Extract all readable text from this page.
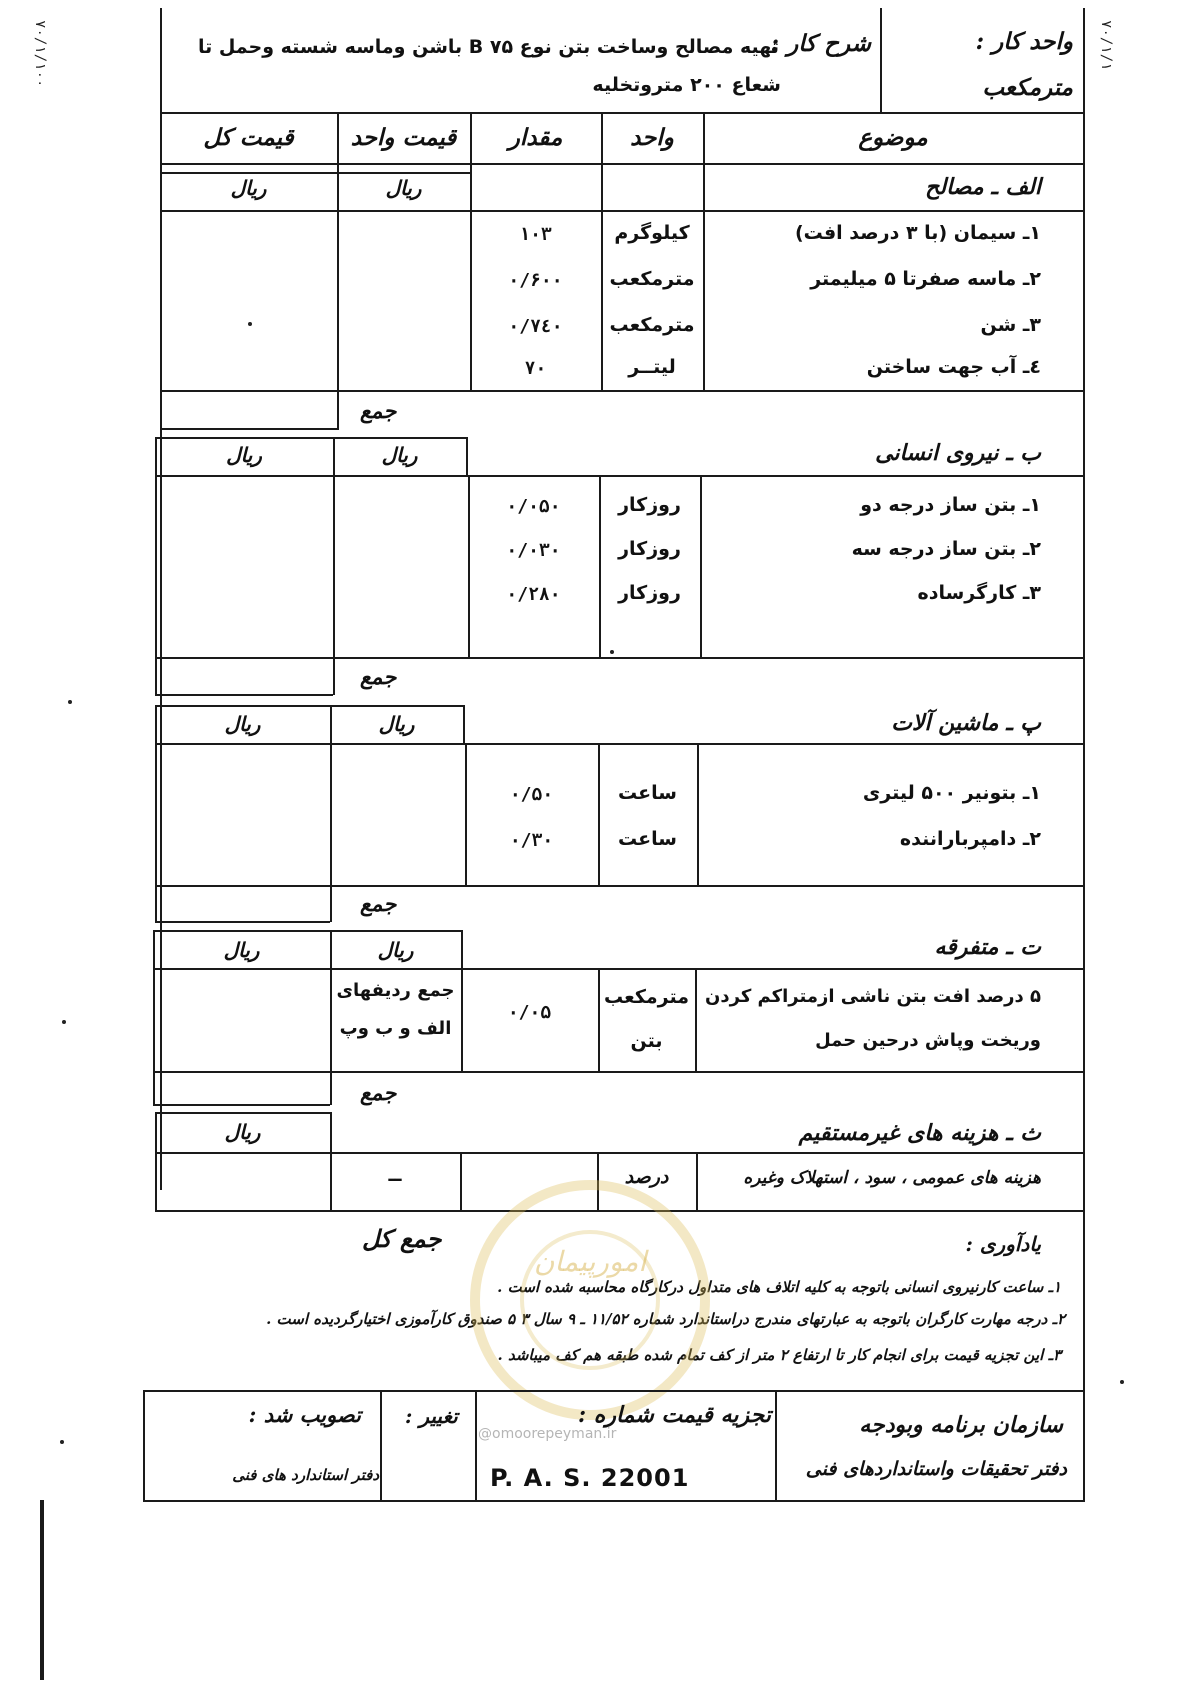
واحد کار :
مترمکعب
شرح کار :
تهیه مصالح وساخت بتن نوع B ۷۵ باشن وماسه شسته وحمل تا
شعاع ۲۰۰ متروتخلیه
موضوع
واحد
مقدار
قیمت واحد
قیمت کل
الف ـ مصالح
ریال
ریال
۱ـ سیمان (با ۳ درصد افت)
کیلوگرم
۱۰۳
۲ـ ماسه صفرتا ۵ میلیمتر
مترمکعب
۰/۶۰۰
۳ـ شن
مترمکعب
۰/۷٤۰
٤ـ آب جهت ساختن
لیتــر
۷۰
جمع
ب ـ نیروی انسانی
ریال
ریال
۱ـ بتن ساز درجه دو
روزکار
۰/۰۵۰
۲ـ بتن ساز درجه سه
روزکار
۰/۰۳۰
۳ـ کارگرساده
روزکار
۰/۲۸۰
جمع
پ ـ ماشین آلات
ریال
ریال
۱ـ بتونیر ۵۰۰ لیتری
ساعت
۰/۵۰
۲ـ دامپرباراننده
ساعت
۰/۳۰
جمع
ت ـ متفرقه
ریال
ریال
۵ درصد افت بتن ناشی ازمتراکم کردن
وریخت وپاش درحین حمل
مترمکعب
بتن
۰/۰۵
جمع ردیفهای
الف و ب وپ
جمع
ث ـ هزینه های غیرمستقیم
ریال
هزینه های عمومی ، سود ، استهلاک وغیره
درصد
ــ
جمع کل	یادآوری :
۱ـ ساعت کارنیروی انسانی باتوجه به کلیه اتلاف های متداول درکارگاه محاسبه شده است .
۲ـ درجه مهارت کارگران باتوجه به عبارتهای مندرج دراستاندارد شماره ۱۱/۵۲ ـ ۹ سال ۳ ۵ صندوق کارآموزی اختیارگردیده است .
۳ـ این تجزیه قیمت برای انجام کار تا ارتفاع ۲ متر از کف تمام شده طبقه هم کف میباشد .
امورپیمان
سازمان برنامه وبودجه
دفتر تحقیقات واستانداردهای فنی
تجزیه قیمت شماره :
P. A. S. 22001
تغییر :
تصویب شد :
دفتر استاندارد های فنی
@omoorepeyman.ir
۷٠/۱/۱۰٠
۷٠/۱/۱
